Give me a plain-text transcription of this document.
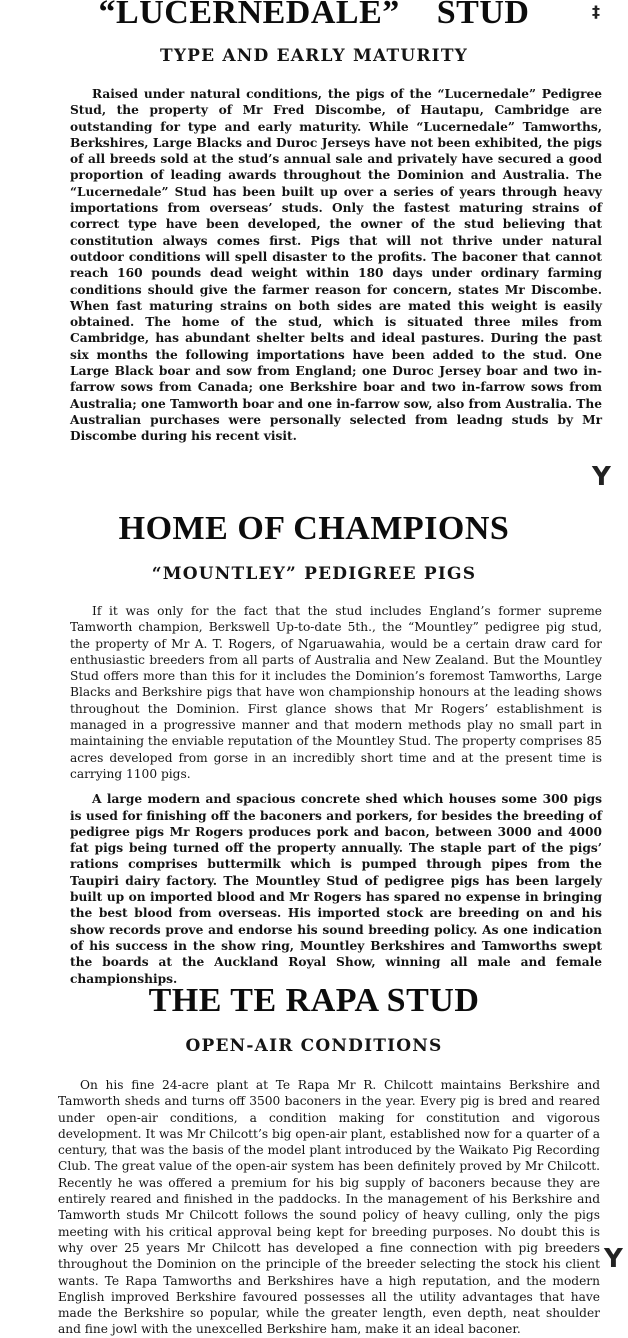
‡
“LUCERNEDALE” STUD
TYPE AND EARLY MATURITY

Raised under natural conditions, the pigs of the “Lucernedale” Pedigree Stud, the property of Mr Fred Discombe, of Hautapu, Cambridge are outstanding for type and early maturity. While “Lucernedale” Tamworths, Berkshires, Large Blacks and Duroc Jerseys have not been exhibited, the pigs of all breeds sold at the stud’s annual sale and privately have secured a good proportion of leading awards throughout the Dominion and Australia. The “Lucernedale” Stud has been built up over a series of years through heavy importations from overseas’ studs. Only the fastest maturing strains of correct type have been developed, the owner of the stud believing that constitution always comes first. Pigs that will not thrive under natural outdoor conditions will spell disaster to the profits. The baconer that cannot reach 160 pounds dead weight within 180 days under ordinary farming conditions should give the farmer reason for concern, states Mr Discombe. When fast maturing strains on both sides are mated this weight is easily obtained. The home of the stud, which is situated three miles from Cambridge, has abundant shelter belts and ideal pastures. During the past six months the following importations have been added to the stud. One Large Black boar and sow from England; one Duroc Jersey boar and two in-farrow sows from Canada; one Berkshire boar and two in-farrow sows from Australia; one Tamworth boar and one in-farrow sow, also from Australia. The Australian purchases were personally selected from leadng studs by Mr Discombe during his recent visit.

Y
HOME OF CHAMPIONS
“MOUNTLEY” PEDIGREE PIGS

If it was only for the fact that the stud includes England’s former supreme Tamworth champion, Berkswell Up-to-date 5th., the “Mountley” pedigree pig stud, the property of Mr A. T. Rogers, of Ngaruawahia, would be a certain draw card for enthusiastic breeders from all parts of Australia and New Zealand. But the Mountley Stud offers more than this for it includes the Dominion’s foremost Tamworths, Large Blacks and Berkshire pigs that have won championship honours at the leading shows throughout the Dominion. First glance shows that Mr Rogers’ establishment is managed in a progressive manner and that modern methods play no small part in maintaining the enviable reputation of the Mountley Stud. The property comprises 85 acres developed from gorse in an incredibly short time and at the present time is carrying 1100 pigs.

A large modern and spacious concrete shed which houses some 300 pigs is used for finishing off the baconers and porkers, for besides the breeding of pedigree pigs Mr Rogers produces pork and bacon, between 3000 and 4000 fat pigs being turned off the property annually. The staple part of the pigs’ rations comprises buttermilk which is pumped through pipes from the Taupiri dairy factory. The Mountley Stud of pedigree pigs has been largely built up on imported blood and Mr Rogers has spared no expense in bringing the best blood from overseas. His imported stock are breeding on and his show records prove and endorse his sound breeding policy. As one indication of his success in the show ring, Mountley Berkshires and Tamworths swept the boards at the Auckland Royal Show, winning all male and female championships.

THE TE RAPA STUD
OPEN-AIR CONDITIONS

On his fine 24-acre plant at Te Rapa Mr R. Chilcott maintains Berkshire and Tamworth sheds and turns off 3500 baconers in the year. Every pig is bred and reared under open-air conditions, a condition making for constitution and vigorous development. It was Mr Chilcott’s big open-air plant, established now for a quarter of a century, that was the basis of the model plant introduced by the Waikato Pig Recording Club. The great value of the open-air system has been definitely proved by Mr Chilcott. Recently he was offered a premium for his big supply of baconers because they are entirely reared and finished in the paddocks. In the management of his Berkshire and Tamworth studs Mr Chilcott follows the sound policy of heavy culling, only the pigs meeting with his critical approval being kept for breeding purposes. No doubt this is why over 25 years Mr Chilcott has developed a fine connection with pig breeders throughout the Dominion on the principle of the breeder selecting the stock his client wants. Te Rapa Tamworths and Berkshires have a high reputation, and the modern English improved Berkshire favoured possesses all the utility advantages that have made the Berkshire so popular, while the greater length, even depth, neat shoulder and fine jowl with the unexcelled Berkshire ham, make it an ideal baconer.

Y
